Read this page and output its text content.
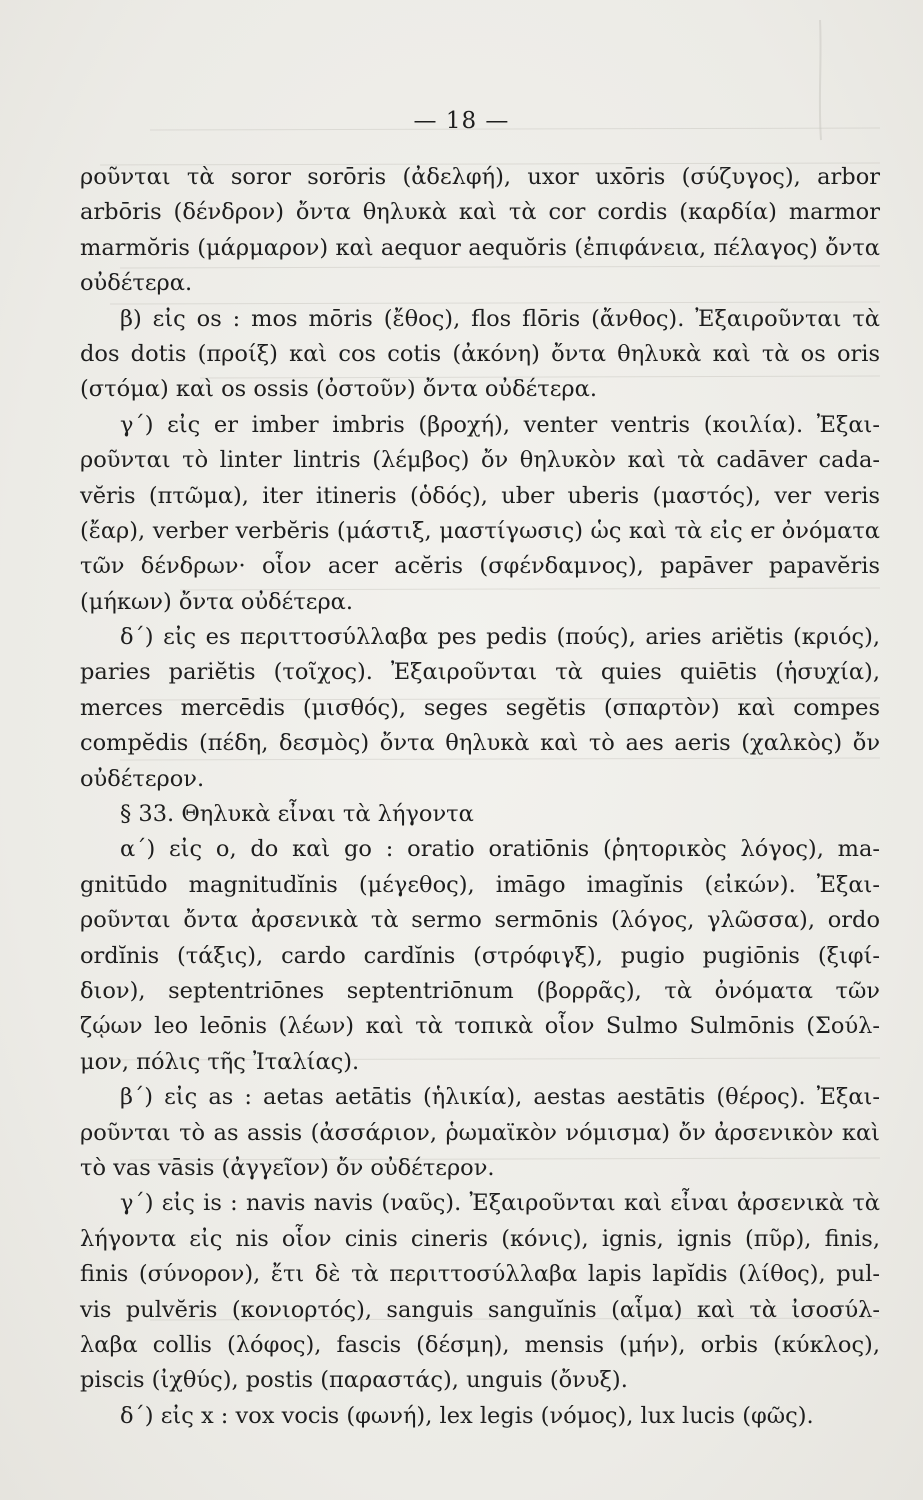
— 18 —
ροῦνται τὰ soror sorōris (ἀδελφή), uxor uxōris (σύζυγος), arbor
arbōris (δένδρον) ὄντα θηλυκὰ καὶ τὰ cor cordis (καρδία) marmor
marmŏris (μάρμαρον) καὶ aequor aequŏris (ἐπιφάνεια, πέλαγος) ὄντα
οὐδέτερα.
β) εἰς os : mos mōris (ἔθος), flos flōris (ἄνθος). Ἐξαιροῦνται τὰ
dos dotis (προίξ) καὶ cos cotis (ἀκόνη) ὄντα θηλυκὰ καὶ τὰ os oris
(στόμα) καὶ os ossis (ὀστοῦν) ὄντα οὐδέτερα.
γ΄) εἰς er imber imbris (βροχή), venter ventris (κοιλία). Ἐξαι-
ροῦνται τὸ linter lintris (λέμβος) ὄν θηλυκὸν καὶ τὰ cadāver cada-
vĕris (πτῶμα), iter itineris (ὁδός), uber uberis (μαστός), ver veris
(ἔαρ), verber verbĕris (μάστιξ, μαστίγωσις) ὡς καὶ τὰ εἰς er ὀνόματα
τῶν δένδρων· οἷον acer acĕris (σφένδαμνος), papāver papavĕris
(μήκων) ὄντα οὐδέτερα.
δ΄) εἰς es περιττοσύλλαβα pes pedis (πούς), aries ariĕtis (κριός),
paries pariĕtis (τοῖχος). Ἐξαιροῦνται τὰ quies quiētis (ἡσυχία),
merces mercēdis (μισθός), seges segĕtis (σπαρτὸν) καὶ compes
compĕdis (πέδη, δεσμὸς) ὄντα θηλυκὰ καὶ τὸ aes aeris (χαλκὸς) ὄν
οὐδέτερον.
§ 33. Θηλυκὰ εἶναι τὰ λήγοντα
α΄) εἰς o, do καὶ go : oratio oratiōnis (ῥητορικὸς λόγος), ma-
gnitūdo magnitudĭnis (μέγεθος), imāgo imagĭnis (εἰκών). Ἐξαι-
ροῦνται ὄντα ἀρσενικὰ τὰ sermo sermōnis (λόγος, γλῶσσα), ordo
ordĭnis (τάξις), cardo cardĭnis (στρόφιγξ), pugio pugiōnis (ξιφί-
διον), septentriōnes septentriōnum (βορρᾶς), τὰ ὀνόματα τῶν
ζῴων leo leōnis (λέων) καὶ τὰ τοπικὰ οἷον Sulmo Sulmōnis (Σούλ-
μον, πόλις τῆς Ἰταλίας).
β΄) εἰς as : aetas aetātis (ἡλικία), aestas aestātis (θέρος). Ἐξαι-
ροῦνται τὸ as assis (ἀσσάριον, ῥωμαϊκὸν νόμισμα) ὄν ἀρσενικὸν καὶ
τὸ vas vāsis (ἀγγεῖον) ὄν οὐδέτερον.
γ΄) εἰς is : navis navis (ναῦς). Ἐξαιροῦνται καὶ εἶναι ἀρσενικὰ τὰ
λήγοντα εἰς nis οἷον cinis cineris (κόνις), ignis, ignis (πῦρ), finis,
finis (σύνορον), ἔτι δὲ τὰ περιττοσύλλαβα lapis lapĭdis (λίθος), pul-
vis pulvĕris (κονιορτός), sanguis sanguĭnis (αἷμα) καὶ τὰ ἰσοσύλ-
λαβα collis (λόφος), fascis (δέσμη), mensis (μήν), orbis (κύκλος),
piscis (ἰχθύς), postis (παραστάς), unguis (ὄνυξ).
δ΄) εἰς x : vox vocis (φωνή), lex legis (νόμος), lux lucis (φῶς).
